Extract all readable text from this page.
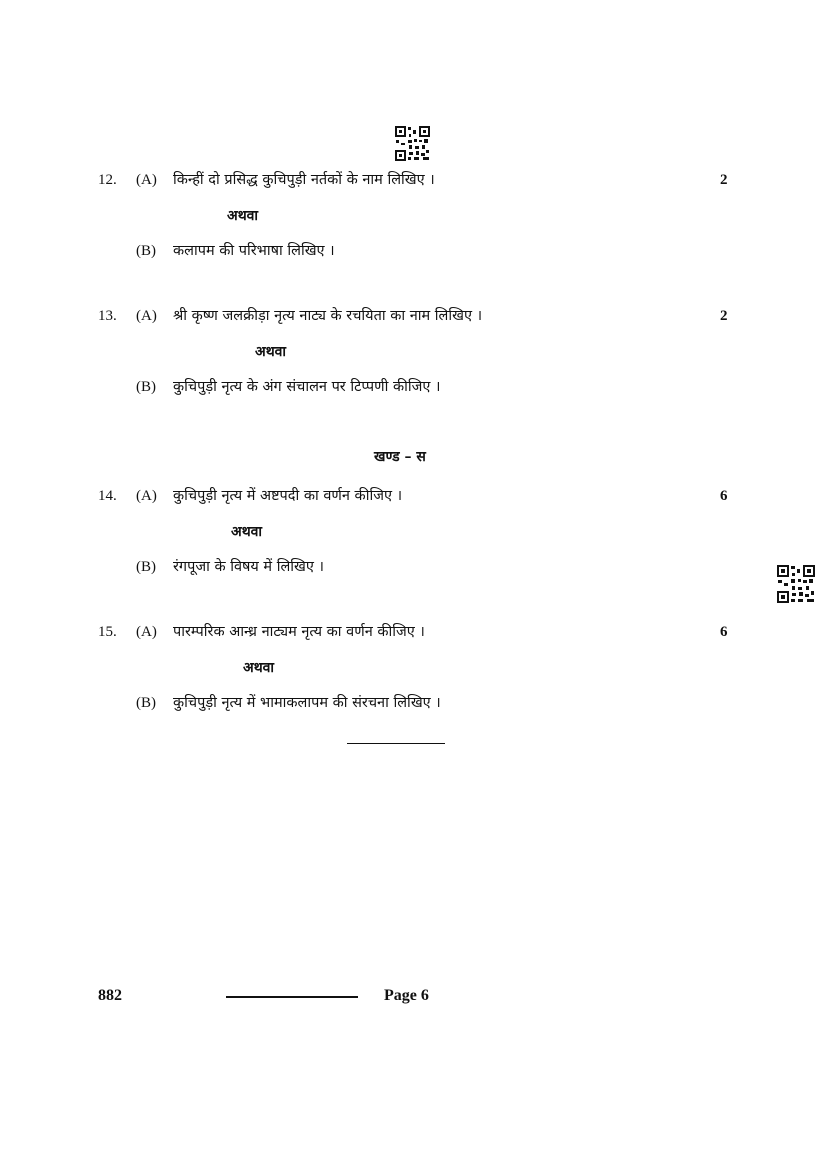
12. (A) किन्हीं दो प्रसिद्ध कुचिपुड़ी नर्तकों के नाम लिखिए ।	2
अथवा
(B) कलापम की परिभाषा लिखिए ।
13. (A) श्री कृष्ण जलक्रीड़ा नृत्य नाट्य के रचयिता का नाम लिखिए ।	2
अथवा
(B) कुचिपुड़ी नृत्य के अंग संचालन पर टिप्पणी कीजिए ।
खण्ड – स
14. (A) कुचिपुड़ी नृत्य में अष्टपदी का वर्णन कीजिए ।	6
अथवा
(B) रंगपूजा के विषय में लिखिए ।
15. (A) पारम्परिक आन्ध्र नाट्यम नृत्य का वर्णन कीजिए ।	6
अथवा
(B) कुचिपुड़ी नृत्य में भामाकलापम की संरचना लिखिए ।
882	Page 6
